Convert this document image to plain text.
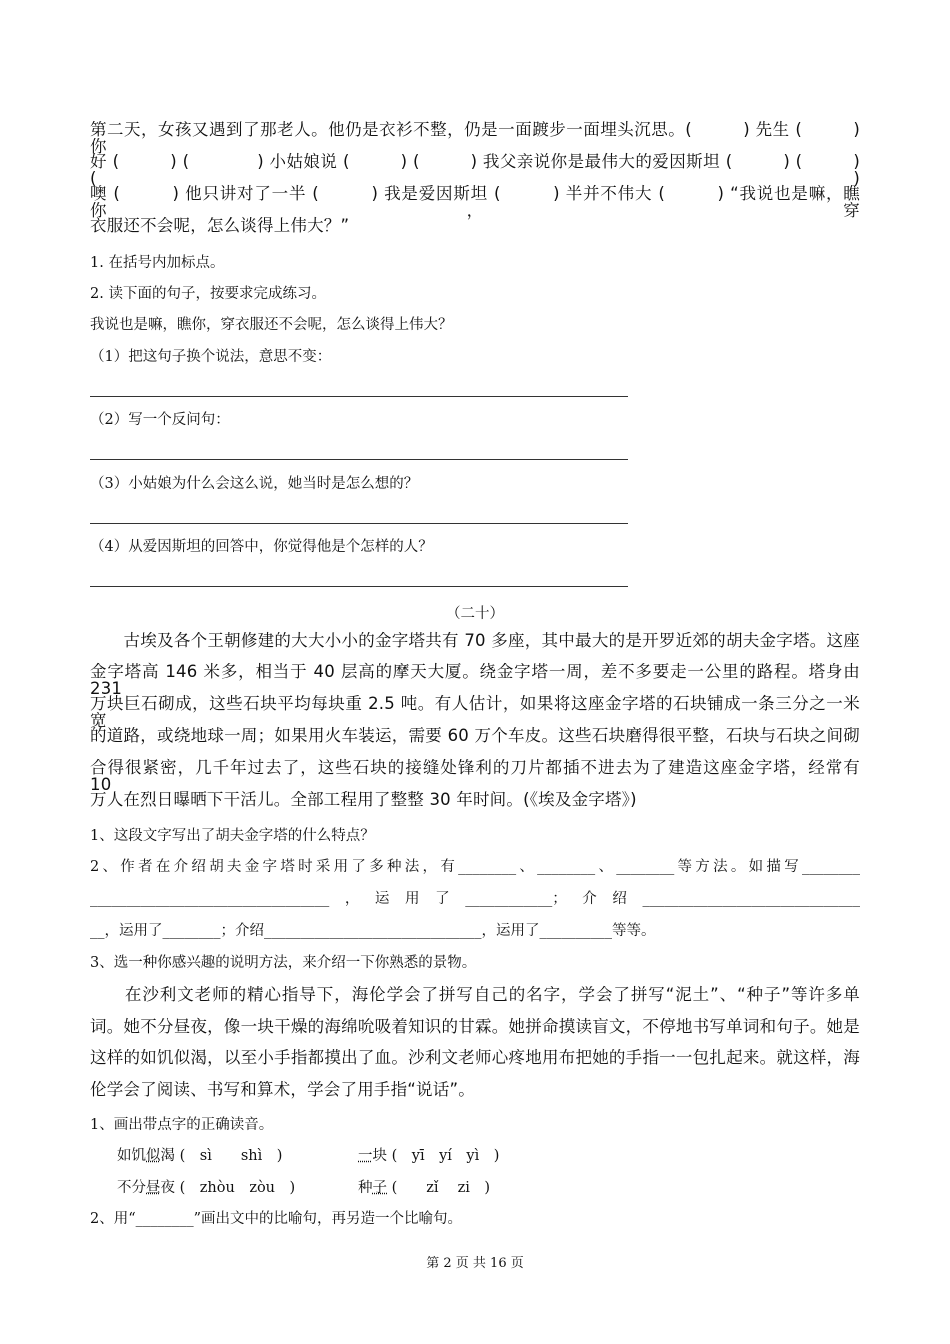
第二天，女孩又遇到了那老人。他仍是衣衫不整，仍是一面踱步一面埋头沉思。(　　　) 先生 (　　　) 你
好 (　　　) (　　　　) 小姑娘说 (　　　) (　　　) 我父亲说你是最伟大的爱因斯坦 (　　　) (　　　) (　　　)
噢 (　　　) 他只讲对了一半 (　　　) 我是爱因斯坦 (　　　) 半并不伟大 (　　　) “我说也是嘛，瞧你，穿
衣服还不会呢，怎么谈得上伟大？”
1. 在括号内加标点。
2. 读下面的句子，按要求完成练习。
我说也是嘛，瞧你，穿衣服还不会呢，怎么谈得上伟大？
（1）把这句子换个说法，意思不变：
（2）写一个反问句：
（3）小姑娘为什么会这么说，她当时是怎么想的？
（4）从爱因斯坦的回答中，你觉得他是个怎样的人？
（二十）
　　古埃及各个王朝修建的大大小小的金字塔共有 70 多座，其中最大的是开罗近郊的胡夫金字塔。这座
金字塔高 146 米多，相当于 40 层高的摩天大厦。绕金字塔一周，差不多要走一公里的路程。塔身由 231
万块巨石砌成，这些石块平均每块重 2.5 吨。有人估计，如果将这座金字塔的石块铺成一条三分之一米宽
的道路，或绕地球一周；如果用火车装运，需要 60 万个车皮。这些石块磨得很平整，石块与石块之间砌
合得很紧密，几千年过去了，这些石块的接缝处锋利的刀片都插不进去为了建造这座金字塔，经常有　10
万人在烈日曝晒下干活儿。全部工程用了整整 30 年时间。(《埃及金字塔》)
1、这段文字写出了胡夫金字塔的什么特点？
2、作者在介绍胡夫金字塔时采用了多种法，有________、________、________等方法。如描写________
_________________________________，运用了____________；介绍______________________________
__，运用了________；介绍______________________________，运用了__________等等。
3、选一种你感兴趣的说明方法，来介绍一下你熟悉的景物。
　　在沙利文老师的精心指导下，海伦学会了拼写自己的名字，学会了拼写“泥土”、“种子”等许多单
词。她不分昼夜，像一块干燥的海绵吮吸着知识的甘霖。她拼命摸读盲文，不停地书写单词和句子。她是
这样的如饥似渴，以至小手指都摸出了血。沙利文老师心疼地用布把她的手指一一包扎起来。就这样，海
伦学会了阅读、书写和算术，学会了用手指“说话”。
1、画出带点字的正确读音。
如饥似渴 (　sì　　shì　)	一块 (　yī　yí　yì　)
不分昼夜 (　zhòu　zòu　)	种子 (　　zǐ　 zi　)
2、用“________”画出文中的比喻句，再另造一个比喻句。
第 2 页 共 16 页
